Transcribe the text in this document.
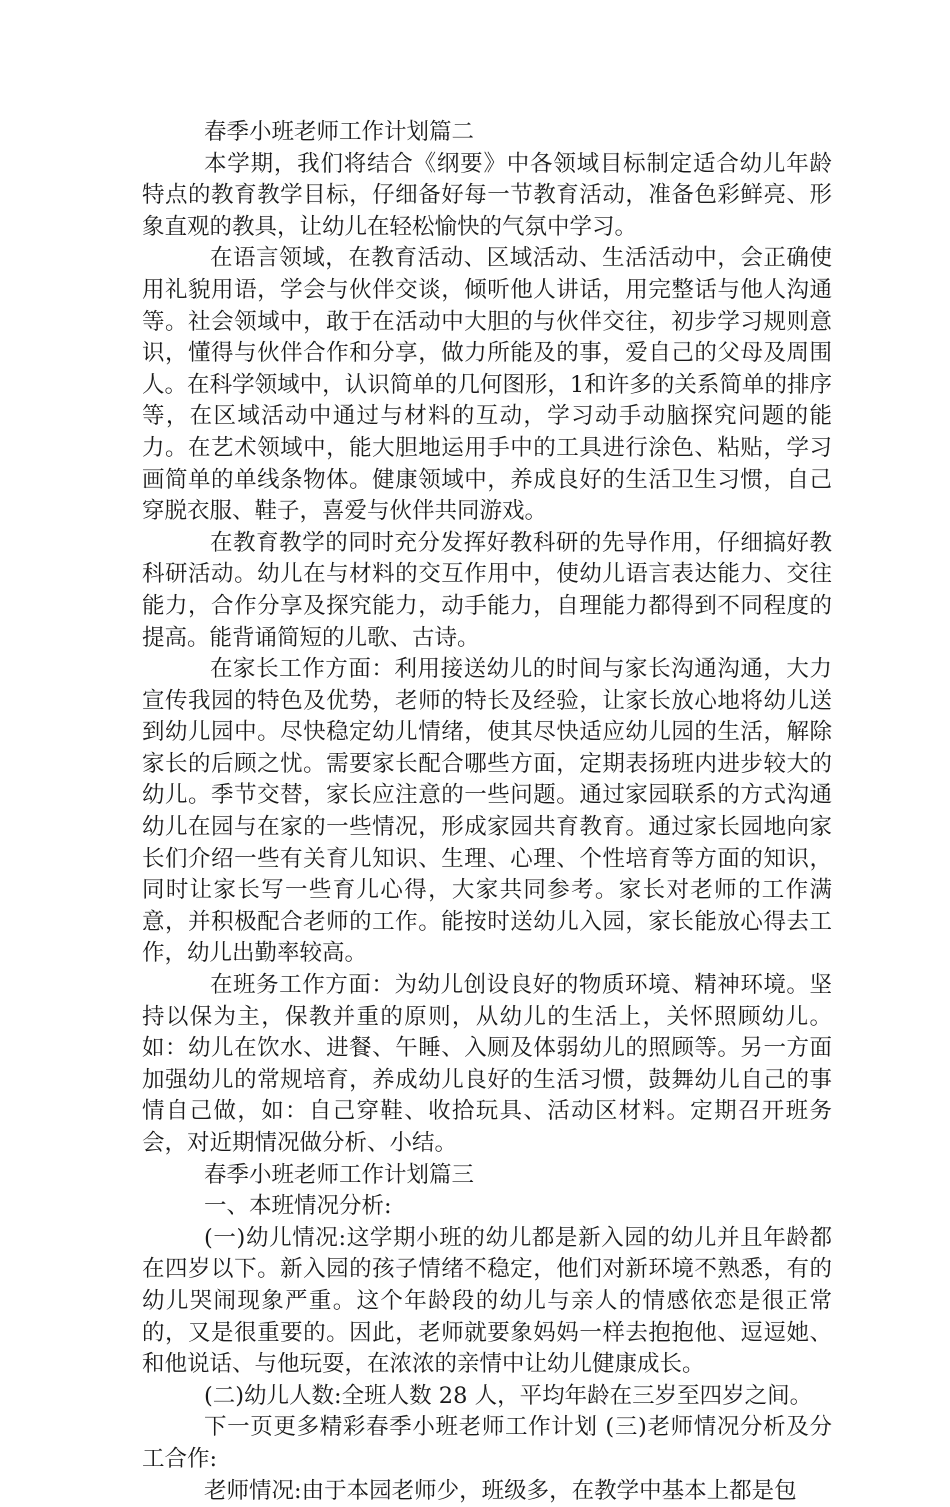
春季小班老师工作计划篇二

本学期，我们将结合《纲要》中各领域目标制定适合幼儿年龄特点的教育教学目标，仔细备好每一节教育活动，准备色彩鲜亮、形象直观的教具，让幼儿在轻松愉快的气氛中学习。

在语言领域，在教育活动、区域活动、生活活动中，会正确使用礼貌用语，学会与伙伴交谈，倾听他人讲话，用完整话与他人沟通等。社会领域中，敢于在活动中大胆的与伙伴交往，初步学习规则意识，懂得与伙伴合作和分享，做力所能及的事，爱自己的父母及周围人。在科学领域中，认识简单的几何图形，1和许多的关系简单的排序等，在区域活动中通过与材料的互动，学习动手动脑探究问题的能力。在艺术领域中，能大胆地运用手中的工具进行涂色、粘贴，学习画简单的单线条物体。健康领域中，养成良好的生活卫生习惯，自己穿脱衣服、鞋子，喜爱与伙伴共同游戏。

在教育教学的同时充分发挥好教科研的先导作用，仔细搞好教科研活动。幼儿在与材料的交互作用中，使幼儿语言表达能力、交往能力，合作分享及探究能力，动手能力，自理能力都得到不同程度的提高。能背诵简短的儿歌、古诗。

在家长工作方面：利用接送幼儿的时间与家长沟通沟通，大力宣传我园的特色及优势，老师的特长及经验，让家长放心地将幼儿送到幼儿园中。尽快稳定幼儿情绪，使其尽快适应幼儿园的生活，解除家长的后顾之忧。需要家长配合哪些方面，定期表扬班内进步较大的幼儿。季节交替，家长应注意的一些问题。通过家园联系的方式沟通幼儿在园与在家的一些情况，形成家园共育教育。通过家长园地向家长们介绍一些有关育儿知识、生理、心理、个性培育等方面的知识，同时让家长写一些育儿心得，大家共同参考。家长对老师的工作满意，并积极配合老师的工作。能按时送幼儿入园，家长能放心得去工作，幼儿出勤率较高。

在班务工作方面：为幼儿创设良好的物质环境、精神环境。坚持以保为主，保教并重的原则，从幼儿的生活上，关怀照顾幼儿。如：幼儿在饮水、进餐、午睡、入厕及体弱幼儿的照顾等。另一方面加强幼儿的常规培育，养成幼儿良好的生活习惯，鼓舞幼儿自己的事情自己做，如：自己穿鞋、收拾玩具、活动区材料。定期召开班务会，对近期情况做分析、小结。

春季小班老师工作计划篇三

一、本班情况分析:

(一)幼儿情况:这学期小班的幼儿都是新入园的幼儿并且年龄都在四岁以下。新入园的孩子情绪不稳定，他们对新环境不熟悉，有的幼儿哭闹现象严重。这个年龄段的幼儿与亲人的情感依恋是很正常的，又是很重要的。因此，老师就要象妈妈一样去抱抱他、逗逗她、和他说话、与他玩耍，在浓浓的亲情中让幼儿健康成长。

(二)幼儿人数:全班人数 28 人，平均年龄在三岁至四岁之间。

下一页更多精彩春季小班老师工作计划 (三)老师情况分析及分工合作:

老师情况:由于本园老师少，班级多，在教学中基本上都是包
